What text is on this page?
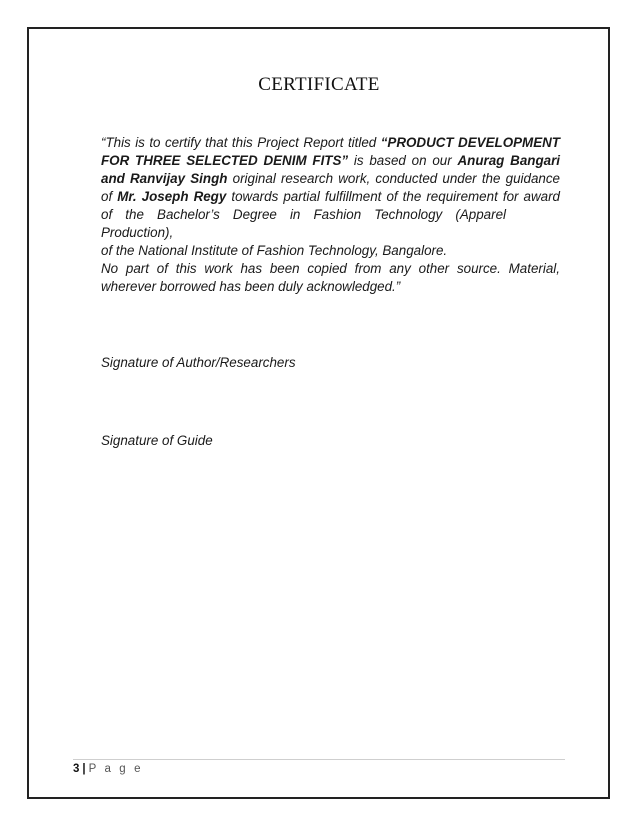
CERTIFICATE

“This is to certify that this Project Report titled “PRODUCT DEVELOPMENT FOR THREE SELECTED DENIM FITS” is based on our Anurag Bangari and Ranvijay Singh original research work, conducted under the guidance of Mr. Joseph Regy towards partial fulfillment of the requirement for award of the Bachelor’s Degree in Fashion Technology (ApparelProduction),

of the National Institute of Fashion Technology, Bangalore.

No part of this work has been copied from any other source. Material, wherever borrowed has been duly acknowledged.”

Signature of Author/Researchers
Signature of Guide
3 | P a g e
